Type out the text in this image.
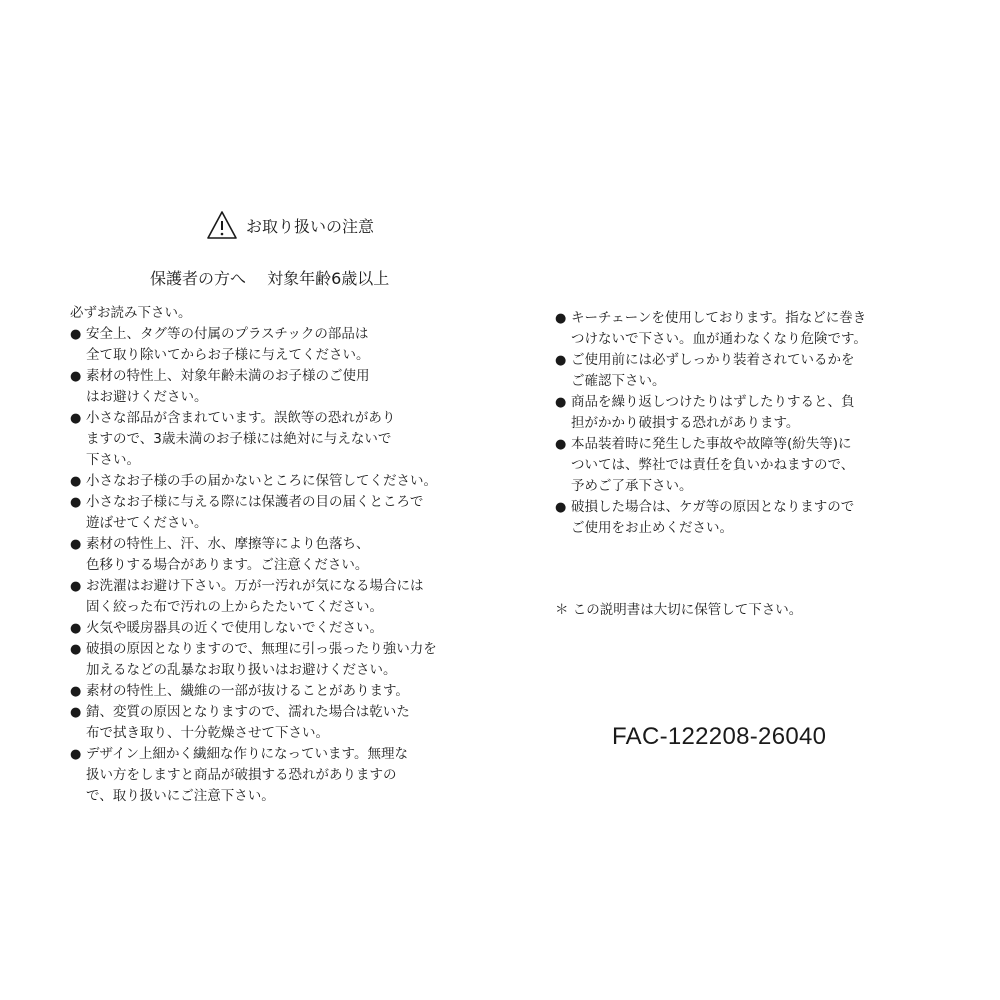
お取り扱いの注意
保護者の方へ　 対象年齢6歳以上
必ずお読み下さい。
● 安全上、タグ等の付属のプラスチックの部品は
全て取り除いてからお子様に与えてください。
● 素材の特性上、対象年齢未満のお子様のご使用
はお避けください。
● 小さな部品が含まれています。誤飲等の恐れがあり
ますので、3歳未満のお子様には絶対に与えないで
下さい。
● 小さなお子様の手の届かないところに保管してください。
● 小さなお子様に与える際には保護者の目の届くところで
遊ばせてください。
● 素材の特性上、汗、水、摩擦等により色落ち、
色移りする場合があります。ご注意ください。
● お洗濯はお避け下さい。万が一汚れが気になる場合には
固く絞った布で汚れの上からたたいてください。
● 火気や暖房器具の近くで使用しないでください。
● 破損の原因となりますので、無理に引っ張ったり強い力を
加えるなどの乱暴なお取り扱いはお避けください。
● 素材の特性上、繊維の一部が抜けることがあります。
● 錆、変質の原因となりますので、濡れた場合は乾いた
布で拭き取り、十分乾燥させて下さい。
● デザイン上細かく繊細な作りになっています。無理な
扱い方をしますと商品が破損する恐れがありますの
で、取り扱いにご注意下さい。
● キーチェーンを使用しております。指などに巻き
つけないで下さい。血が通わなくなり危険です。
● ご使用前には必ずしっかり装着されているかを
ご確認下さい。
● 商品を繰り返しつけたりはずしたりすると、負
担がかかり破損する恐れがあります。
● 本品装着時に発生した事故や故障等(紛失等)に
ついては、弊社では責任を負いかねますので、
予めご了承下さい。
● 破損した場合は、ケガ等の原因となりますので
ご使用をお止めください。
＊ この説明書は大切に保管して下さい。
FAC-122208-26040
